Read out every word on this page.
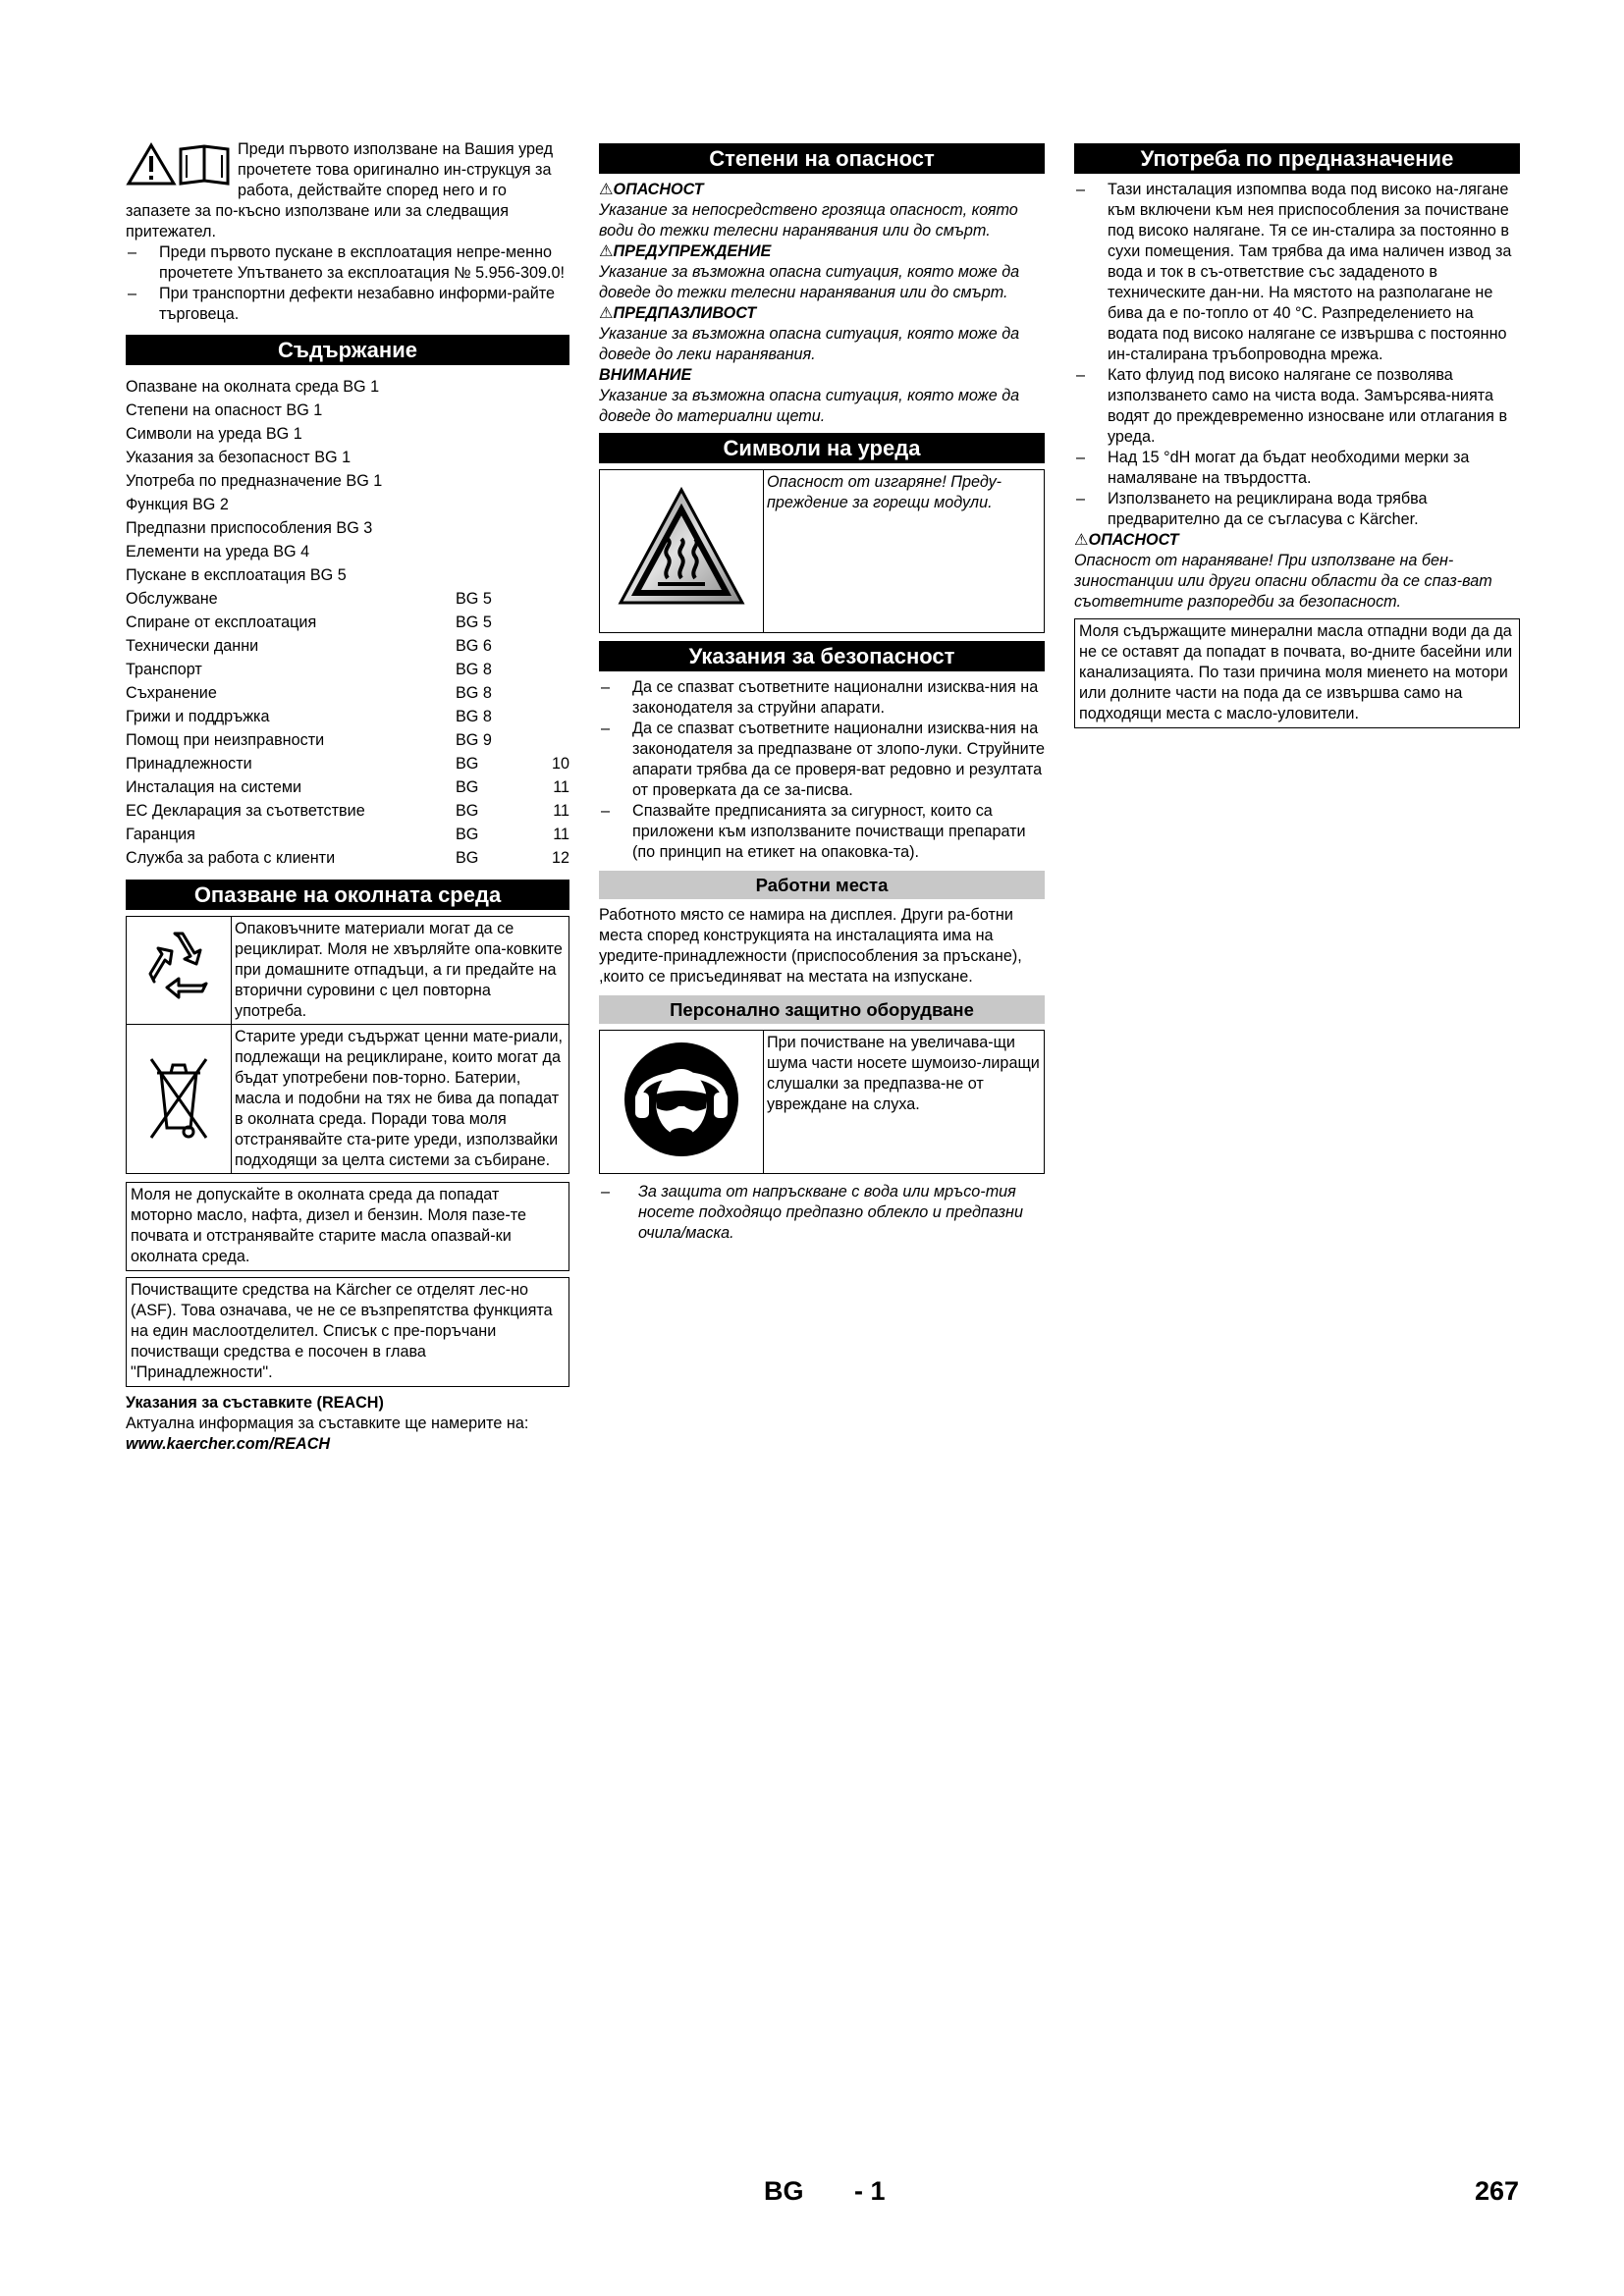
Преди първото използване на Вашия уред прочетете това оригинално ин-струкцуя за работа, действайте според него и го запазете за по-късно използване или за следващия притежател.

– Преди първото пускане в експлоатация непре-менно прочетете Упътването за експлоатация № 5.956-309.0!
– При транспортни дефекти незабавно информи-райте търговеца.
Съдържание
Опазване на околната среда BG 1
Степени на опасност BG 1
Символи на уреда BG 1
Указания за безопасност BG 1
Употреба по предназначение BG 1
Функция BG 2
Предпазни приспособления BG 3
Елементи на уреда BG 4
Пускане в експлоатация BG 5
Обслужване	BG 5
Спиране от експлоатация	BG 5
Технически данни	BG 6
Транспорт	BG 8
Съхранение	BG 8
Грижи и поддръжка	BG 8
Помощ при неизправности	BG 9
Принадлежности	BG	10
Инсталация на системи	BG	11
ЕС Декларация за съответствие	BG	11
Гаранция	BG	11
Служба за работа с клиенти	BG	12
Опазване на околната среда
	Опаковъчните материали могат да се рециклират. Моля не хвърляйте опа-ковките при домашните отпадъци, а ги предайте на вторични суровини с цел повторна употреба.
	Старите уреди съдържат ценни мате-риали, подлежащи на рециклиране, които могат да бъдат употребени пов-торно. Батерии, масла и подобни на тях не бива да попадат в околната среда. Поради това моля отстранявайте ста-рите уреди, използвайки подходящи за целта системи за събиране.
Моля не допускайте в околната среда да попадат моторно масло, нафта, дизел и бензин. Моля пазе-те почвата и отстранявайте старите масла опазвай-ки околната среда.
Почистващите средства на Kärcher се отделят лес-но (ASF). Това означава, че не се възпрепятства функцията на един маслоотделител. Списък с пре-поръчани почистващи средства е посочен в глава "Принадлежности".

Указания за съставките (REACH)

Актуална информация за съставките ще намерите на:

www.kaercher.com/REACH

Степени на опасност

⚠ОПАСНОСТ

Указание за непосредствено грозяща опасност, която води до тежки телесни наранявания или до смърт.

⚠ПРЕДУПРЕЖДЕНИЕ

Указание за възможна опасна ситуация, която може да доведе до тежки телесни наранявания или до смърт.

⚠ПРЕДПАЗЛИВОСТ

Указание за възможна опасна ситуация, която може да доведе до леки наранявания.

ВНИМАНИЕ

Указание за възможна опасна ситуация, която може да доведе до материални щети.

Символи на уреда
	Опасност от изгаряне! Преду-преждение за горещи модули.
Указания за безопасност
– Да се спазват съответните национални изисква-ния на законодателя за струйни апарати.
– Да се спазват съответните национални изисква-ния на законодателя за предпазване от злопо-луки. Струйните апарати трябва да се проверя-ват редовно и резултата от проверката да се за-писва.
– Спазвайте предписанията за сигурност, които са приложени към използваните почистващи препарати (по принцип на етикет на опаковка-та).
Работни места

Работното място се намира на дисплея. Други ра-ботни места според конструкцията на инсталацията има на уредите-принадлежности (приспособления за пръскане), ,които се присъединяват на местата на изпускане.

Персонално защитно оборудване
	При почистване на увеличава-щи шума части носете шумоизо-лиращи слушалки за предпазва-не от увреждане на слуха.
– За защита от напръскване с вода или мръсо-тия носете подходящо предпазно облекло и предпазни очила/маска.
Употреба по предназначение
– Тази инсталация изпомпва вода под високо на-лягане към включени към нея приспособления за почистване под високо налягане. Тя се ин-сталира за постоянно в сухи помещения. Там трябва да има наличен извод за вода и ток в съ-ответствие със зададеното в техническите дан-ни. На мястото на разполагане не бива да е по-топло от 40 °C. Разпределението на водата под високо налягане се извършва с постоянно ин-сталирана тръбопроводна мрежа.
– Като флуид под високо налягане се позволява използването само на чиста вода. Замърсява-нията водят до преждевременно износване или отлагания в уреда.
– Над 15 °dH могат да бъдат необходими мерки за намаляване на твърдостта.
– Използването на рециклирана вода трябва предварително да се съгласува с Kärcher.

⚠ОПАСНОСТ

Опасност от нараняване! При използване на бен-зиностанции или други опасни области да се спаз-ват съответните разпоредби за безопасност.

Моля съдържащите минерални масла отпадни води да да не се оставят да попадат в почвата, во-дните басейни или канализацията. По тази причина моля миенето на мотори или долните части на пода да се извършва само на подходящи места с масло-уловители.
BG - 1	267
